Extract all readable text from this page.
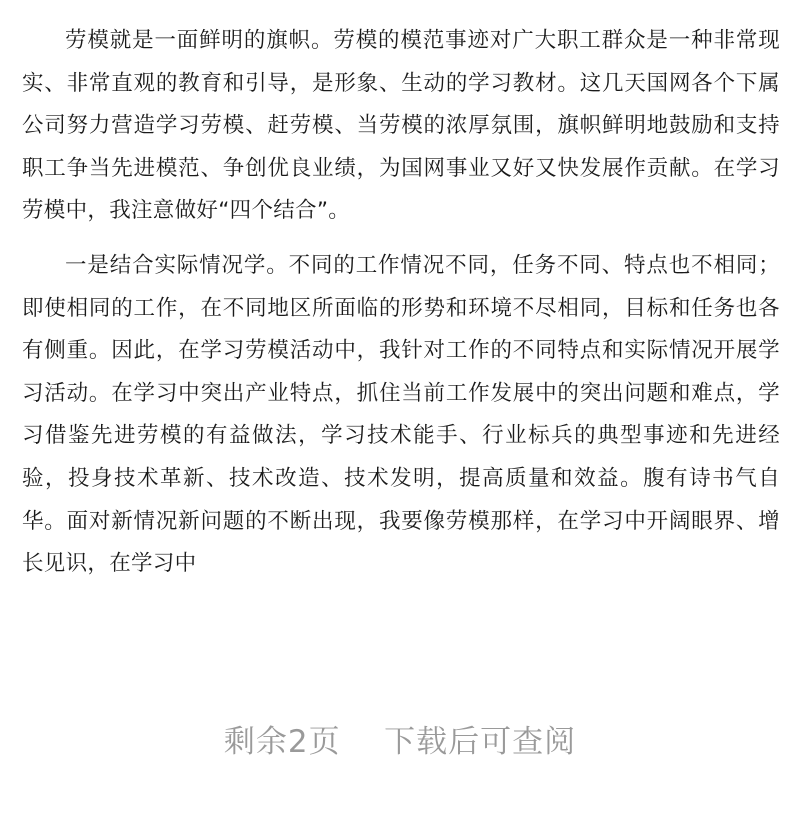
劳模就是一面鲜明的旗帜。劳模的模范事迹对广大职工群众是一种非常现实、非常直观的教育和引导，是形象、生动的学习教材。这几天国网各个下属公司努力营造学习劳模、赶劳模、当劳模的浓厚氛围，旗帜鲜明地鼓励和支持职工争当先进模范、争创优良业绩，为国网事业又好又快发展作贡献。在学习劳模中，我注意做好“四个结合”。

一是结合实际情况学。不同的工作情况不同，任务不同、特点也不相同；即使相同的工作，在不同地区所面临的形势和环境不尽相同，目标和任务也各有侧重。因此，在学习劳模活动中，我针对工作的不同特点和实际情况开展学习活动。在学习中突出产业特点，抓住当前工作发展中的突出问题和难点，学习借鉴先进劳模的有益做法，学习技术能手、行业标兵的典型事迹和先进经验，投身技术革新、技术改造、技术发明，提高质量和效益。腹有诗书气自华。面对新情况新问题的不断出现，我要像劳模那样，在学习中开阔眼界、增长见识，在学习中

剩余2页 下载后可查阅
